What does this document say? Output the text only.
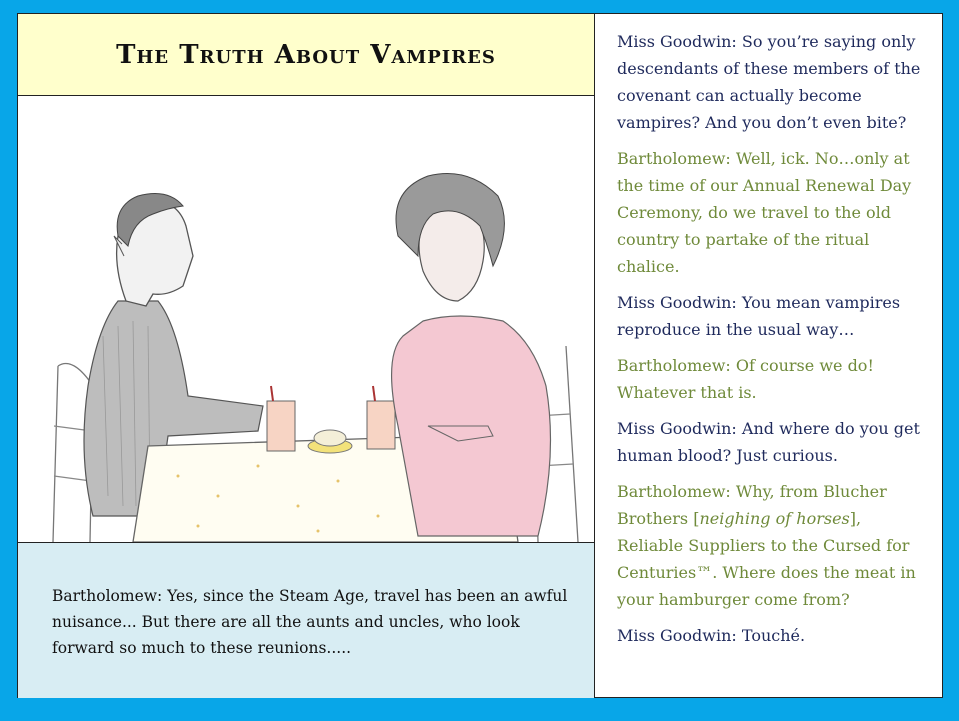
The Truth About Vampires
Bartholomew: Yes, since the Steam Age, travel has been an awful nuisance... But there are all the aunts and uncles, who look forward so much to these reunions.....

Miss Goodwin: So you’re saying only descendants of these members of the covenant can actually become vampires? And you don’t even bite?

Bartholomew: Well, ick. No…only at the time of our Annual Renewal Day Ceremony, do we travel to the old country to partake of the ritual chalice.

Miss Goodwin: You mean vampires reproduce in the usual way…

Bartholomew: Of course we do! Whatever that is.

Miss Goodwin: And where do you get human blood? Just curious.

Bartholomew: Why, from Blucher Brothers [neighing of horses], Reliable Suppliers to the Cursed for Centuries™. Where does the meat in your hamburger come from?

Miss Goodwin: Touché.
